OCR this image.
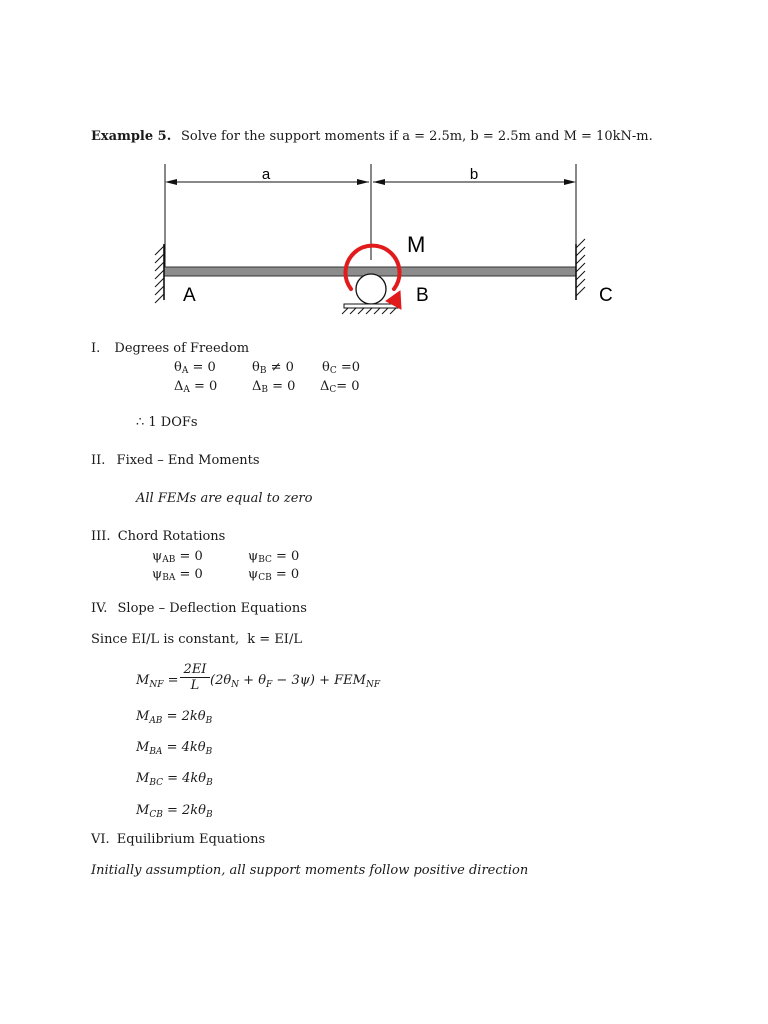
Example 5. Solve for the support moments if a = 2.5m, b = 2.5m and M = 10kN-m.
a	b
M
A	B	C
I. Degrees of Freedom
$\theta_A = 0$	$\theta_B \ne 0$ $\theta_C =0$
$\Delta_A = 0$	$\Delta_B = 0$ $\Delta_C= 0$
∴ 1 DOFs
II. Fixed – End Moments
All FEMs are equal to zero
III. Chord Rotations
$\psi_{AB} = 0$	$\psi_{BC} = 0$
$\psi_{BA} = 0$	$\psi_{CB} = 0$
IV. Slope – Deflection Equations
Since EI/L is constant, k = EI/L
$M_{NF} = \frac{2EI}{L} (2\theta_N + \theta_F - 3\psi) + FEM_{NF}$
$M_{AB} = 2k\theta_B$
$M_{BA} = 4k\theta_B$
$M_{BC} = 4k\theta_B$
$M_{CB} = 2k\theta_B$
VI. Equilibrium Equations
Initially assumption, all support moments follow positive direction
